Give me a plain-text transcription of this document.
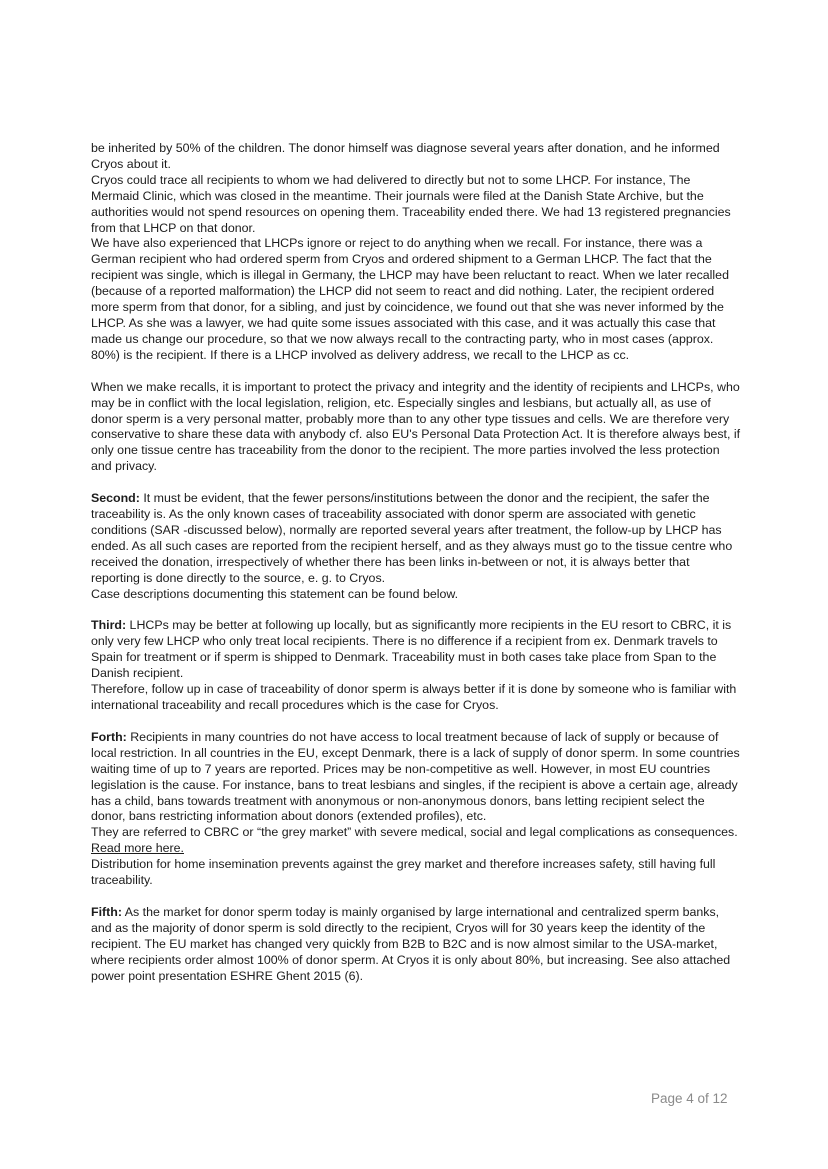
be inherited by 50% of the children. The donor himself was diagnose several years after donation, and he informed Cryos about it.

Cryos could trace all recipients to whom we had delivered to directly but not to some LHCP. For instance, The Mermaid Clinic, which was closed in the meantime. Their journals were filed at the Danish State Archive, but the authorities would not spend resources on opening them. Traceability ended there. We had 13 registered pregnancies from that LHCP on that donor.

We have also experienced that LHCPs ignore or reject to do anything when we recall. For instance, there was a German recipient who had ordered sperm from Cryos and ordered shipment to a German LHCP. The fact that the recipient was single, which is illegal in Germany, the LHCP may have been reluctant to react. When we later recalled (because of a reported malformation) the LHCP did not seem to react and did nothing. Later, the recipient ordered more sperm from that donor, for a sibling, and just by coincidence, we found out that she was never informed by the LHCP. As she was a lawyer, we had quite some issues associated with this case, and it was actually this case that made us change our procedure, so that we now always recall to the contracting party, who in most cases (approx. 80%) is the recipient. If there is a LHCP involved as delivery address, we recall to the LHCP as cc.

When we make recalls, it is important to protect the privacy and integrity and the identity of recipients and LHCPs, who may be in conflict with the local legislation, religion, etc. Especially singles and lesbians, but actually all, as use of donor sperm is a very personal matter, probably more than to any other type tissues and cells. We are therefore very conservative to share these data with anybody cf. also EU's Personal Data Protection Act. It is therefore always best, if only one tissue centre has traceability from the donor to the recipient. The more parties involved the less protection and privacy.

Second: It must be evident, that the fewer persons/institutions between the donor and the recipient, the safer the traceability is. As the only known cases of traceability associated with donor sperm are associated with genetic conditions (SAR -discussed below), normally are reported several years after treatment, the follow-up by LHCP has ended. As all such cases are reported from the recipient herself, and as they always must go to the tissue centre who received the donation, irrespectively of whether there has been links in-between or not, it is always better that reporting is done directly to the source, e. g. to Cryos.

Case descriptions documenting this statement can be found below.

Third: LHCPs may be better at following up locally, but as significantly more recipients in the EU resort to CBRC, it is only very few LHCP who only treat local recipients. There is no difference if a recipient from ex. Denmark travels to Spain for treatment or if sperm is shipped to Denmark. Traceability must in both cases take place from Span to the Danish recipient.

Therefore, follow up in case of traceability of donor sperm is always better if it is done by someone who is familiar with international traceability and recall procedures which is the case for Cryos.

Forth: Recipients in many countries do not have access to local treatment because of lack of supply or because of local restriction. In all countries in the EU, except Denmark, there is a lack of supply of donor sperm. In some countries waiting time of up to 7 years are reported. Prices may be non-competitive as well. However, in most EU countries legislation is the cause. For instance, bans to treat lesbians and singles, if the recipient is above a certain age, already has a child, bans towards treatment with anonymous or non-anonymous donors, bans letting recipient select the donor, bans restricting information about donors (extended profiles), etc.

They are referred to CBRC or “the grey market” with severe medical, social and legal complications as consequences. Read more here.

Distribution for home insemination prevents against the grey market and therefore increases safety, still having full traceability.

Fifth: As the market for donor sperm today is mainly organised by large international and centralized sperm banks, and as the majority of donor sperm is sold directly to the recipient, Cryos will for 30 years keep the identity of the recipient. The EU market has changed very quickly from B2B to B2C and is now almost similar to the USA-market, where recipients order almost 100% of donor sperm. At Cryos it is only about 80%, but increasing. See also attached power point presentation ESHRE Ghent 2015 (6).

Page 4 of 12
